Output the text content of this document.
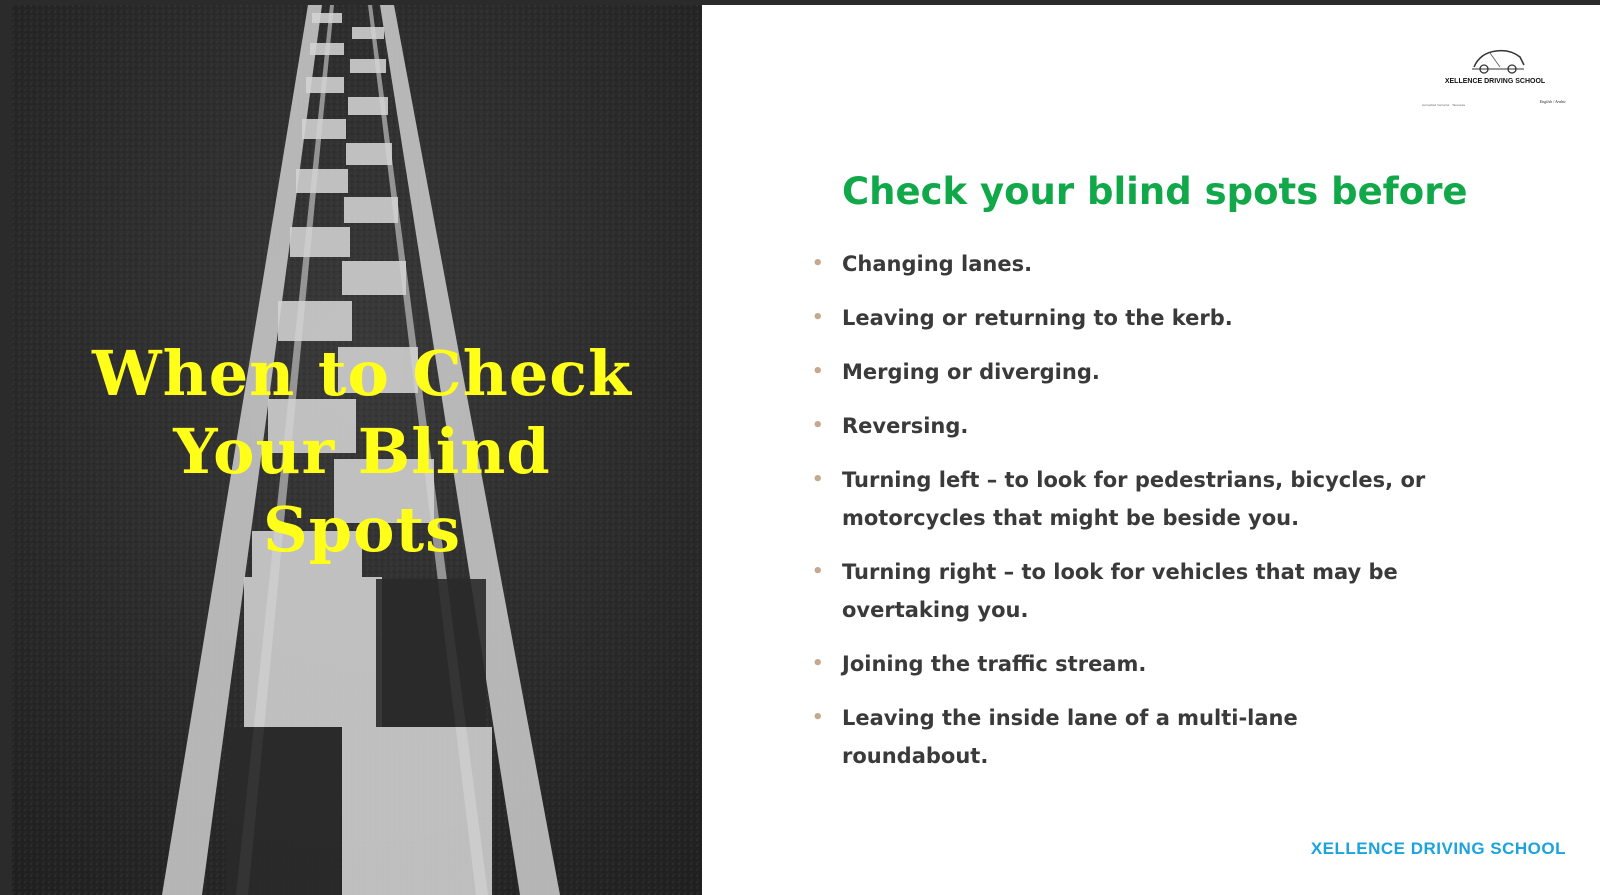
When to Check
Your Blind
Spots
XELLENCE DRIVING SCHOOL
Accredited Instructor · Tasmania
English / Arabic
Check your blind spots before
• Changing lanes.
• Leaving or returning to the kerb.
• Merging or diverging.
• Reversing.
• Turning left – to look for pedestrians, bicycles, or motorcycles that might be beside you.
• Turning right – to look for vehicles that may be overtaking you.
• Joining the traffic stream.
• Leaving the inside lane of a multi-lane roundabout.
XELLENCE DRIVING SCHOOL
